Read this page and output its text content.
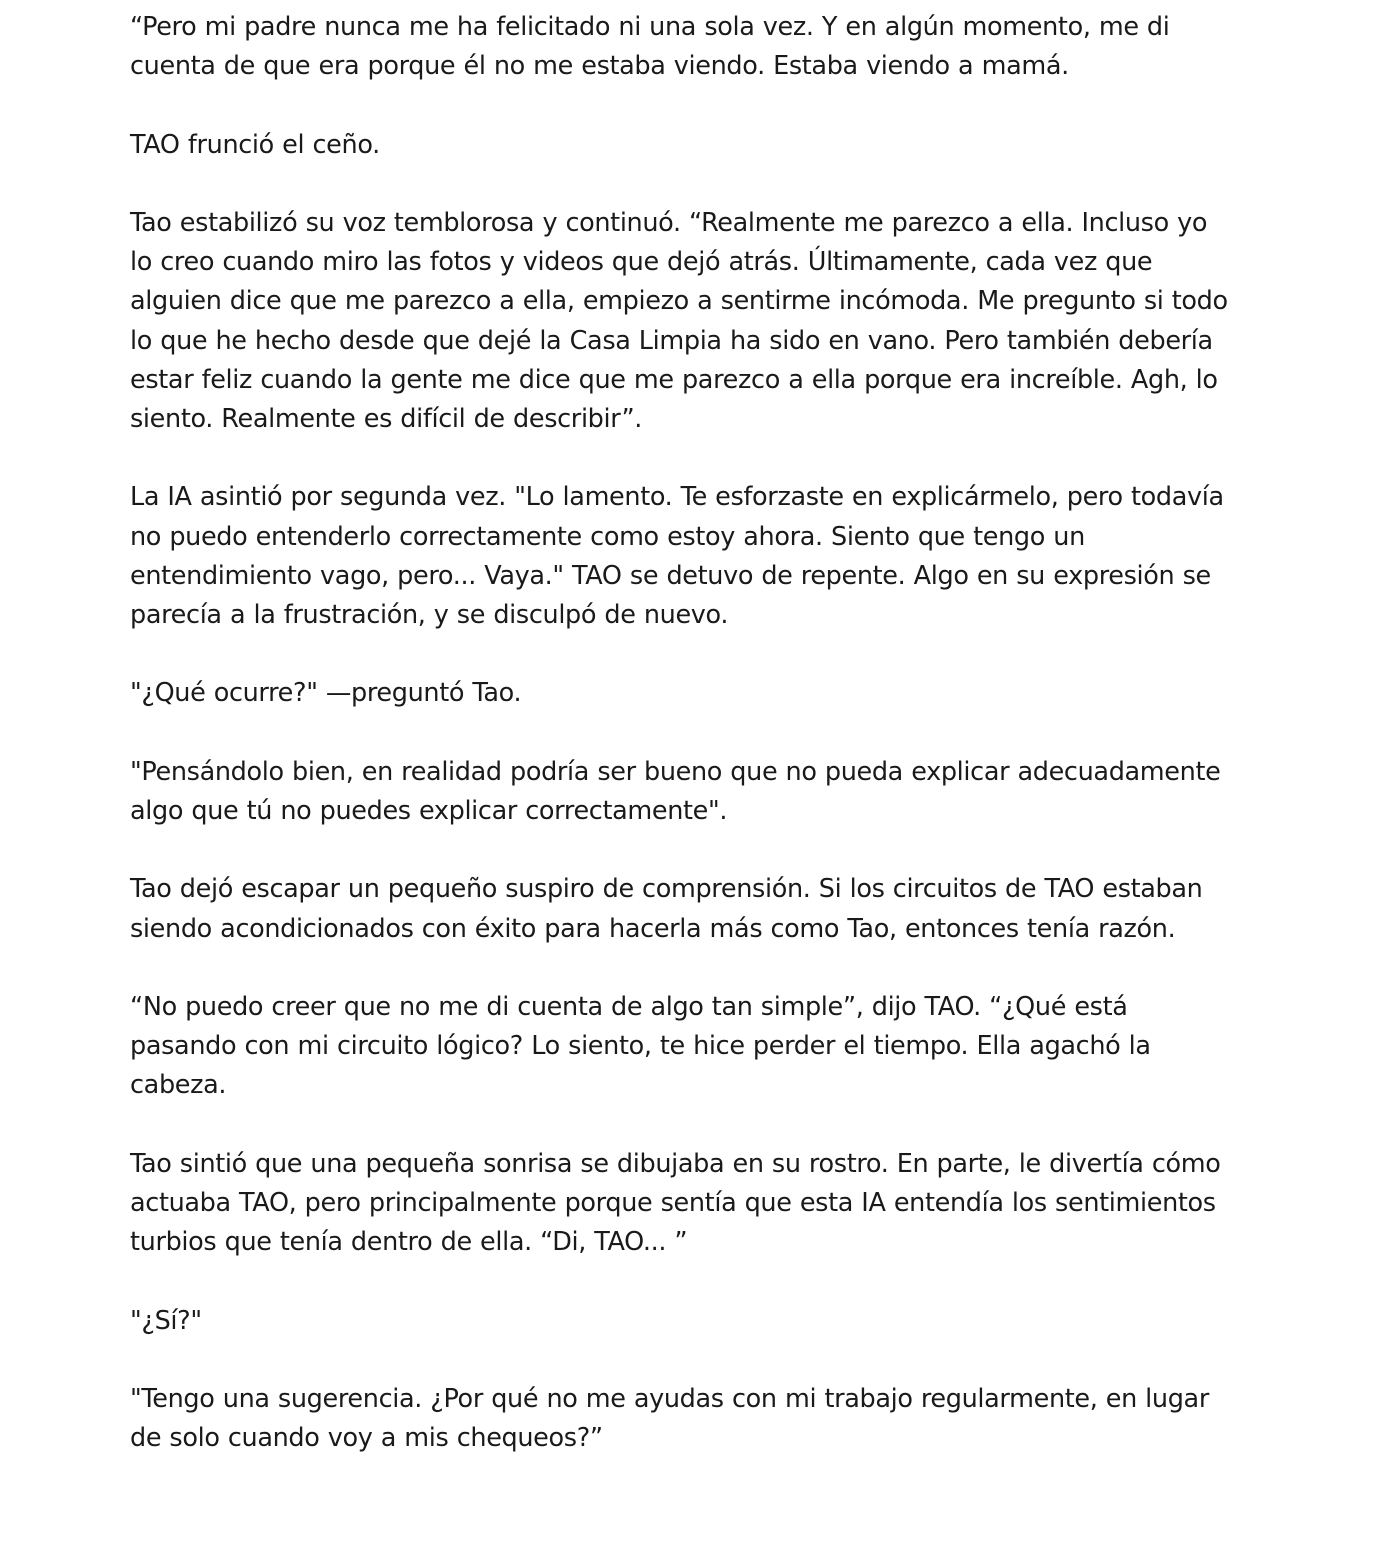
“Pero mi padre nunca me ha felicitado ni una sola vez. Y en algún momento, me di
cuenta de que era porque él no me estaba viendo. Estaba viendo a mamá.

TAO frunció el ceño.

Tao estabilizó su voz temblorosa y continuó. “Realmente me parezco a ella. Incluso yo
lo creo cuando miro las fotos y videos que dejó atrás. Últimamente, cada vez que
alguien dice que me parezco a ella, empiezo a sentirme incómoda. Me pregunto si todo
lo que he hecho desde que dejé la Casa Limpia ha sido en vano. Pero también debería
estar feliz cuando la gente me dice que me parezco a ella porque era increíble. Agh, lo
siento. Realmente es difícil de describir”.

La IA asintió por segunda vez. "Lo lamento. Te esforzaste en explicármelo, pero todavía
no puedo entenderlo correctamente como estoy ahora. Siento que tengo un
entendimiento vago, pero... Vaya." TAO se detuvo de repente. Algo en su expresión se
parecía a la frustración, y se disculpó de nuevo.

"¿Qué ocurre?" —preguntó Tao.

"Pensándolo bien, en realidad podría ser bueno que no pueda explicar adecuadamente
algo que tú no puedes explicar correctamente".

Tao dejó escapar un pequeño suspiro de comprensión. Si los circuitos de TAO estaban
siendo acondicionados con éxito para hacerla más como Tao, entonces tenía razón.

“No puedo creer que no me di cuenta de algo tan simple”, dijo TAO. “¿Qué está
pasando con mi circuito lógico? Lo siento, te hice perder el tiempo. Ella agachó la
cabeza.

Tao sintió que una pequeña sonrisa se dibujaba en su rostro. En parte, le divertía cómo
actuaba TAO, pero principalmente porque sentía que esta IA entendía los sentimientos
turbios que tenía dentro de ella. “Di, TAO... ”

"¿Sí?"

"Tengo una sugerencia. ¿Por qué no me ayudas con mi trabajo regularmente, en lugar
de solo cuando voy a mis chequeos?”
